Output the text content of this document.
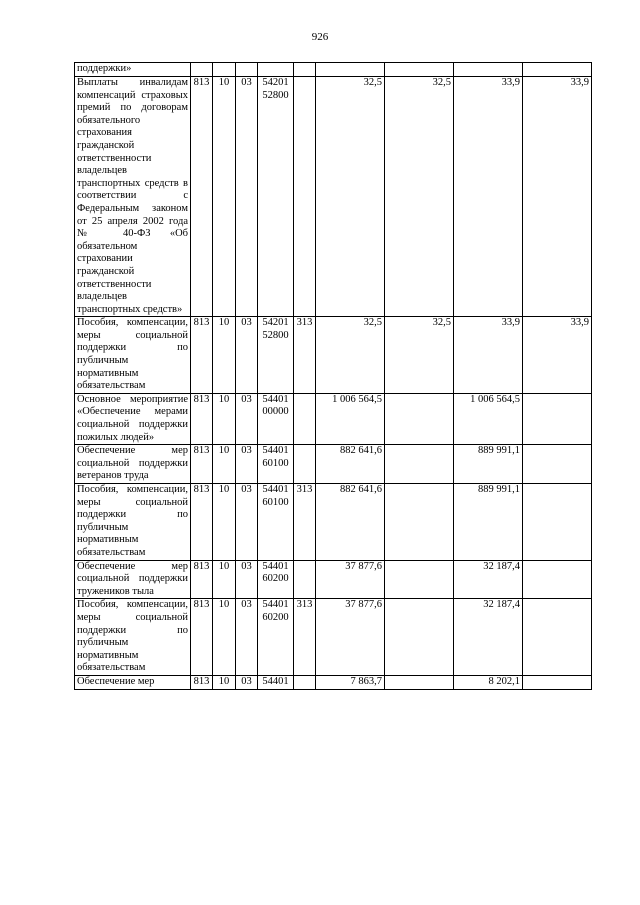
926
поддержки»									
Выплаты инвалидам компенсаций страховых премий по договорам обязательного страхования гражданской ответственности владельцев транспортных средств в соответствии с Федеральным законом от 25 апреля 2002 года № 40-ФЗ «Об обязательном страховании гражданской ответственности владельцев транспортных средств»	813	10	03	54201 52800		32,5	32,5	33,9	33,9
Пособия, компенсации, меры социальной поддержки по публичным нормативным обязательствам	813	10	03	54201 52800	313	32,5	32,5	33,9	33,9
Основное мероприятие «Обеспечение мерами социальной поддержки пожилых людей»	813	10	03	54401 00000		1 006 564,5		1 006 564,5	
Обеспечение мер социальной поддержки ветеранов труда	813	10	03	54401 60100		882 641,6		889 991,1	
Пособия, компенсации, меры социальной поддержки по публичным нормативным обязательствам	813	10	03	54401 60100	313	882 641,6		889 991,1	
Обеспечение мер социальной поддержки тружеников тыла	813	10	03	54401 60200		37 877,6		32 187,4	
Пособия, компенсации, меры социальной поддержки по публичным нормативным обязательствам	813	10	03	54401 60200	313	37 877,6		32 187,4	
Обеспечение мер	813	10	03	54401		7 863,7		8 202,1	
